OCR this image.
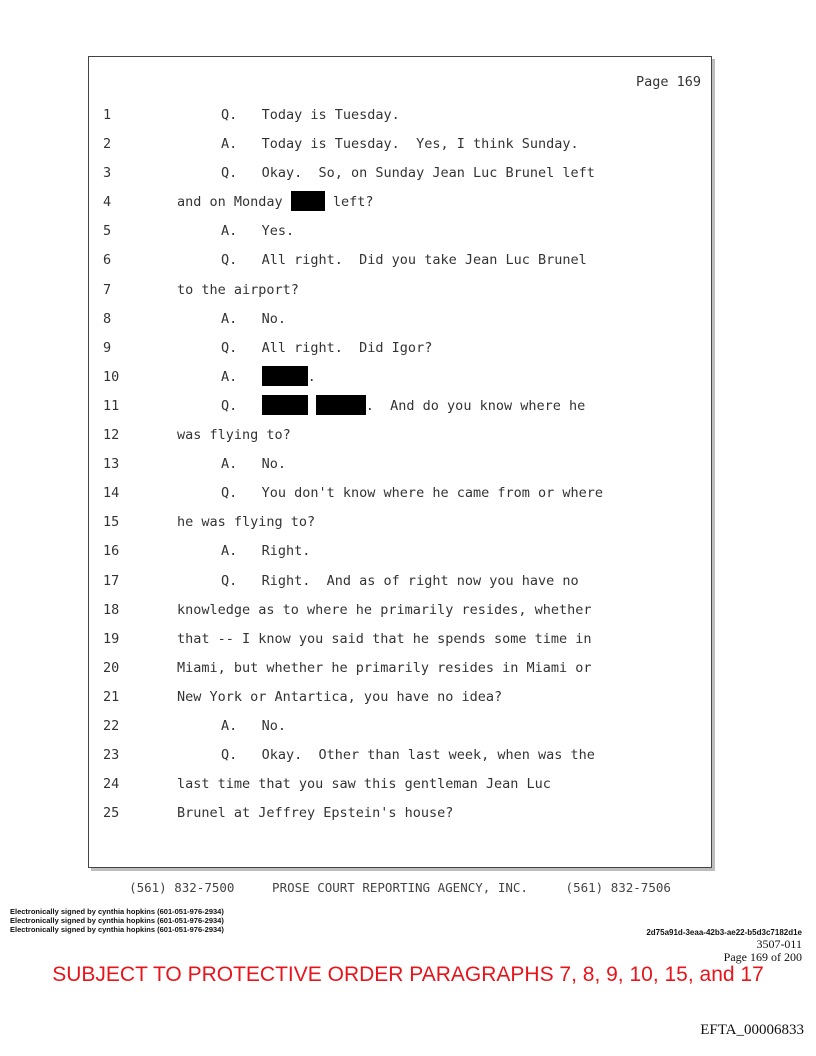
Page 169
1	Q.   Today is Tuesday.
2	A.   Today is Tuesday.  Yes, I think Sunday.
3	Q.   Okay.  So, on Sunday Jean Luc Brunel left
4	and on Monday	left?
5	A.   Yes.
6	Q.   All right.  Did you take Jean Luc Brunel
7	to the airport?
8	A.   No.
9	Q.   All right.  Did Igor?
10	A.	.
11	Q.	.  And do you know where he
12	was flying to?
13	A.   No.
14	Q.   You don't know where he came from or where
15	he was flying to?
16	A.   Right.
17	Q.   Right.  And as of right now you have no
18	knowledge as to where he primarily resides, whether
19	that -- I know you said that he spends some time in
20	Miami, but whether he primarily resides in Miami or
21	New York or Antartica, you have no idea?
22	A.   No.
23	Q.   Okay.  Other than last week, when was the
24	last time that you saw this gentleman Jean Luc
25	Brunel at Jeffrey Epstein's house?
(561) 832-7500     PROSE COURT REPORTING AGENCY, INC.     (561) 832-7506
Electronically signed by cynthia hopkins (601-051-976-2934)
Electronically signed by cynthia hopkins (601-051-976-2934)
Electronically signed by cynthia hopkins (601-051-976-2934)	2d75a91d-3eaa-42b3-ae22-b5d3c7182d1e
3507-011
Page 169 of 200
SUBJECT TO PROTECTIVE ORDER PARAGRAPHS 7, 8, 9, 10, 15, and 17
EFTA_00006833
